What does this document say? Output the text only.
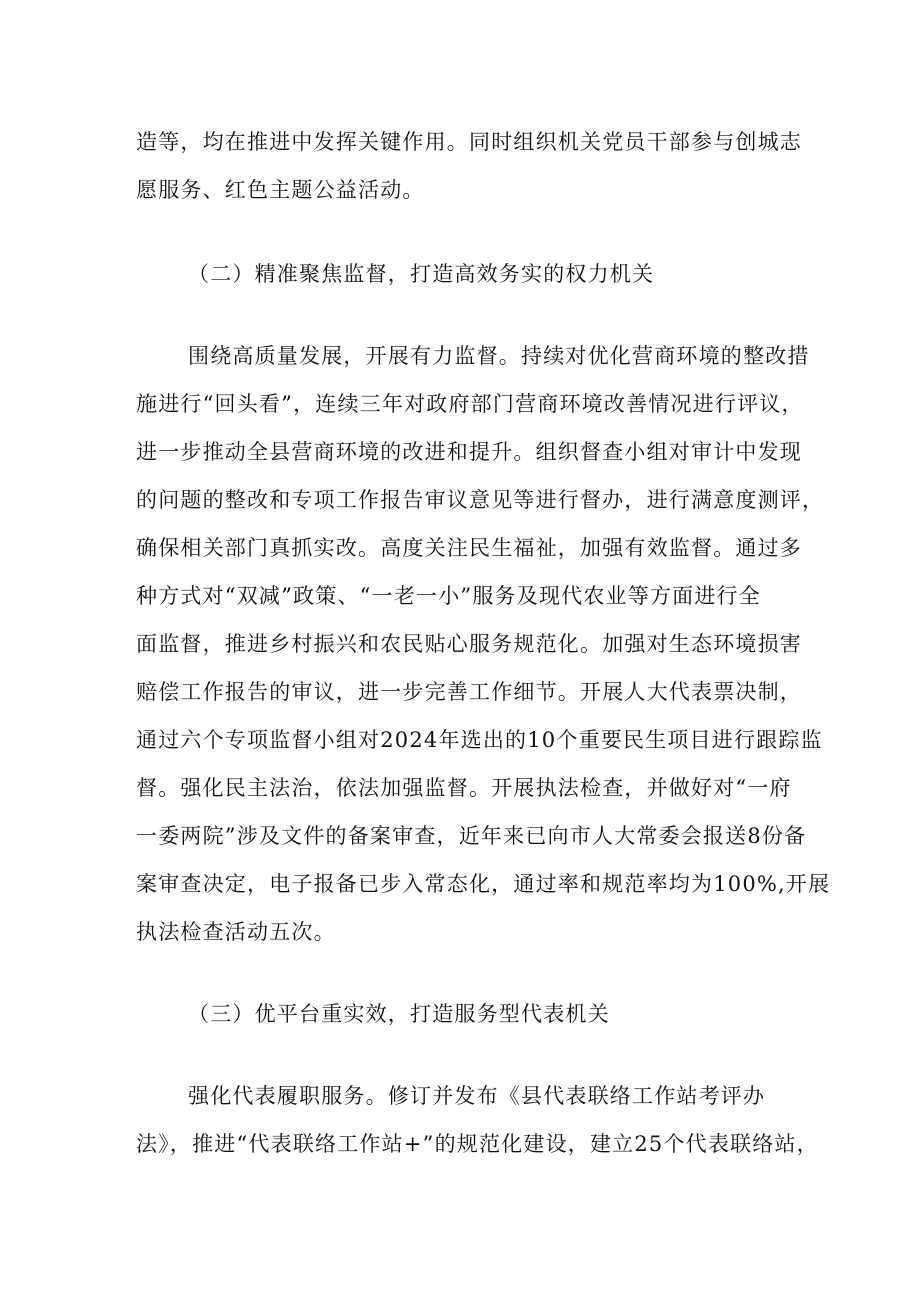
造等，均在推进中发挥关键作用。同时组织机关党员干部参与创城志
愿服务、红色主题公益活动。
（二）精准聚焦监督，打造高效务实的权力机关
围绕高质量发展，开展有力监督。持续对优化营商环境的整改措
施进行“回头看”，连续三年对政府部门营商环境改善情况进行评议，
进一步推动全县营商环境的改进和提升。组织督查小组对审计中发现
的问题的整改和专项工作报告审议意见等进行督办，进行满意度测评，
确保相关部门真抓实改。高度关注民生福祉，加强有效监督。通过多
种方式对“双减”政策、“一老一小”服务及现代农业等方面进行全
面监督，推进乡村振兴和农民贴心服务规范化。加强对生态环境损害
赔偿工作报告的审议，进一步完善工作细节。开展人大代表票决制，
通过六个专项监督小组对2024年选出的10个重要民生项目进行跟踪监
督。强化民主法治，依法加强监督。开展执法检查，并做好对“一府
一委两院”涉及文件的备案审查，近年来已向市人大常委会报送8份备
案审查决定，电子报备已步入常态化，通过率和规范率均为100%,开展
执法检查活动五次。
（三）优平台重实效，打造服务型代表机关
强化代表履职服务。修订并发布《县代表联络工作站考评办
法》，推进“代表联络工作站+”的规范化建设，建立25个代表联络站，
